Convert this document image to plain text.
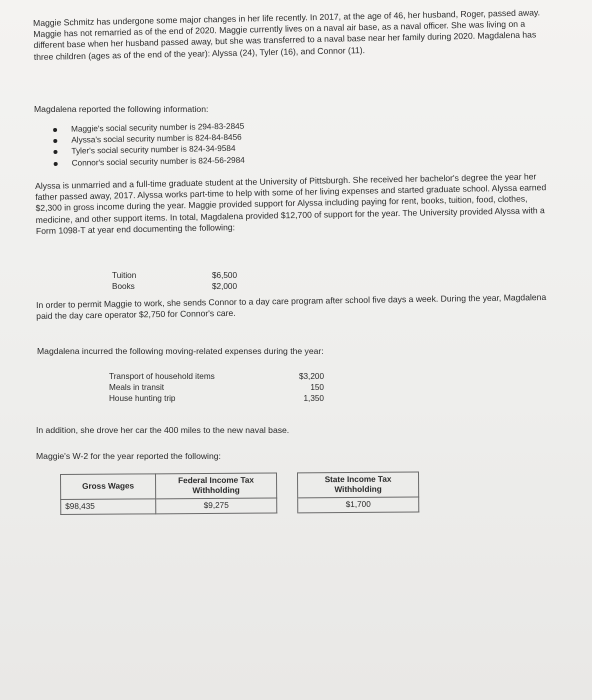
Maggie Schmitz has undergone some major changes in her life recently. In 2017, at the age of 46, her husband, Roger, passed away. Maggie has not remarried as of the end of 2020. Maggie currently lives on a naval air base, as a naval officer. She was living on a different base when her husband passed away, but she was transferred to a naval base near her family during 2020. Magdalena has three children (ages as of the end of the year): Alyssa (24), Tyler (16), and Connor (11).

Magdalena reported the following information:

Maggie's social security number is 294-83-2845
Alyssa's social security number is 824-84-8456
Tyler's social security number is 824-34-9584
Connor's social security number is 824-56-2984

Alyssa is unmarried and a full-time graduate student at the University of Pittsburgh. She received her bachelor's degree the year her father passed away, 2017. Alyssa works part-time to help with some of her living expenses and started graduate school. Alyssa earned $2,300 in gross income during the year. Maggie provided support for Alyssa including paying for rent, books, tuition, food, clothes, medicine, and other support items. In total, Magdalena provided $12,700 of support for the year. The University provided Alyssa with a Form 1098-T at year end documenting the following:

Tuition	$6,500
Books	$2,000

In order to permit Maggie to work, she sends Connor to a day care program after school five days a week. During the year, Magdalena paid the day care operator $2,750 for Connor's care.

Magdalena incurred the following moving-related expenses during the year:

Transport of household items	$3,200
Meals in transit	150
House hunting trip	1,350

In addition, she drove her car the 400 miles to the new naval base.

Maggie's W-2 for the year reported the following:

Gross Wages	Federal Income Tax Withholding		State Income Tax Withholding
$98,435	$9,275		$1,700
